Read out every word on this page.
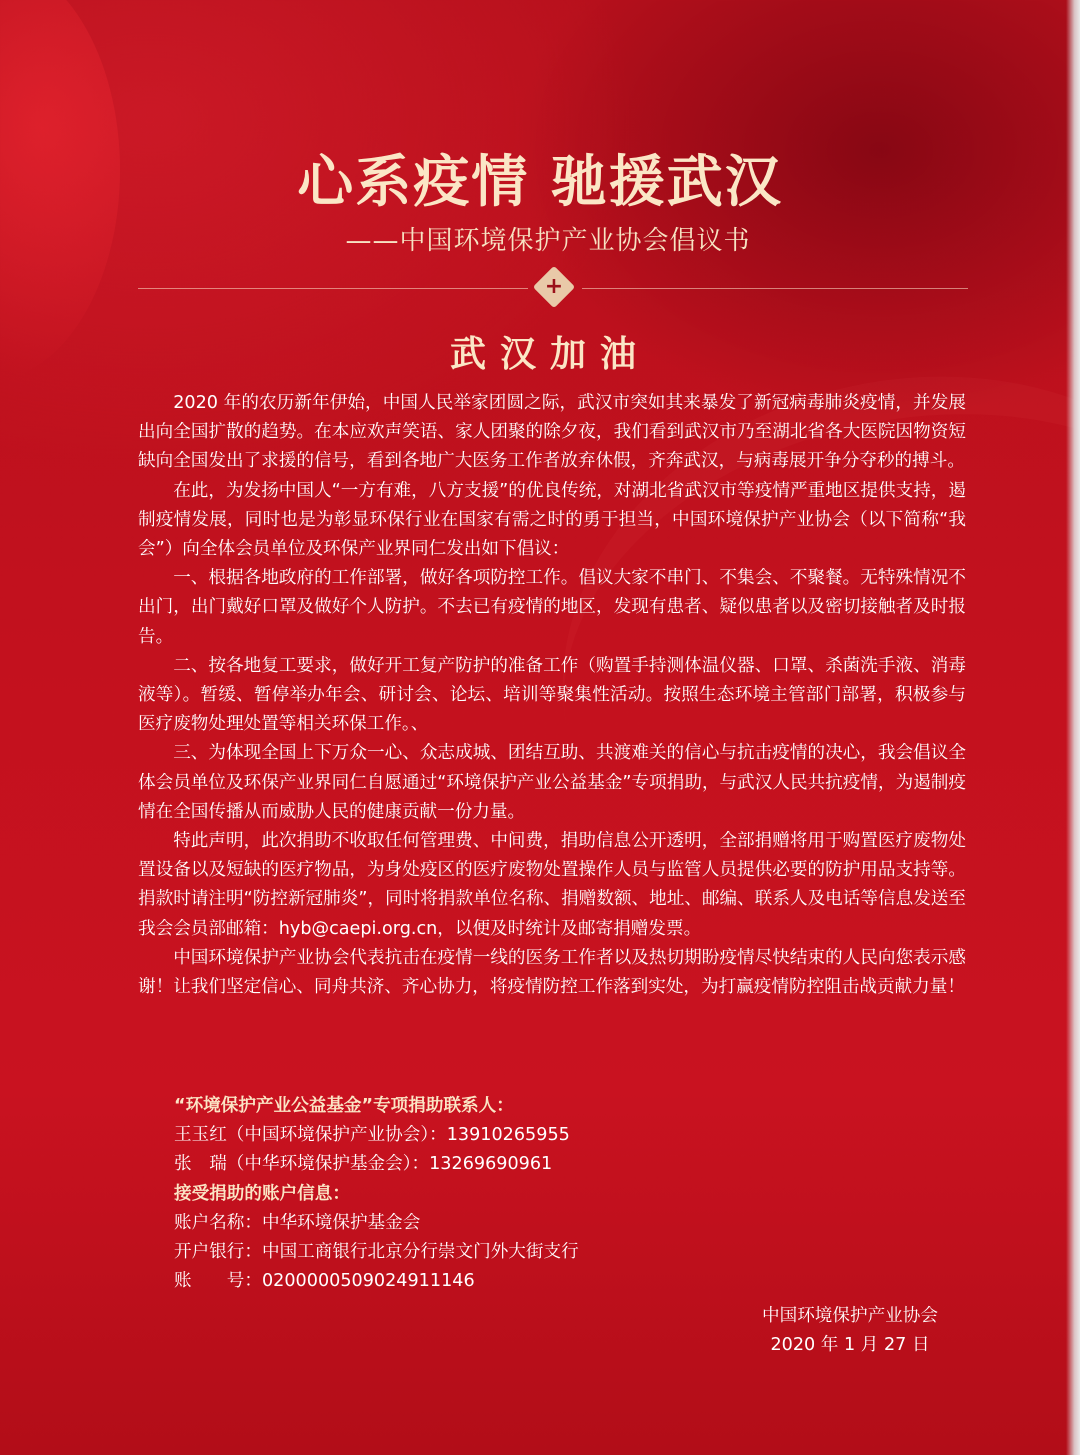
心系疫情 驰援武汉
——中国环境保护产业协会倡议书
+
武汉加油

2020 年的农历新年伊始，中国人民举家团圆之际，武汉市突如其来暴发了新冠病毒肺炎疫情，并发展出向全国扩散的趋势。在本应欢声笑语、家人团聚的除夕夜，我们看到武汉市乃至湖北省各大医院因物资短缺向全国发出了求援的信号，看到各地广大医务工作者放弃休假，齐奔武汉，与病毒展开争分夺秒的搏斗。

在此，为发扬中国人“一方有难，八方支援”的优良传统，对湖北省武汉市等疫情严重地区提供支持，遏制疫情发展，同时也是为彰显环保行业在国家有需之时的勇于担当，中国环境保护产业协会（以下简称“我会”）向全体会员单位及环保产业界同仁发出如下倡议：

一、根据各地政府的工作部署，做好各项防控工作。倡议大家不串门、不集会、不聚餐。无特殊情况不出门，出门戴好口罩及做好个人防护。不去已有疫情的地区，发现有患者、疑似患者以及密切接触者及时报告。

二、按各地复工要求，做好开工复产防护的准备工作（购置手持测体温仪器、口罩、杀菌洗手液、消毒液等）。暂缓、暂停举办年会、研讨会、论坛、培训等聚集性活动。按照生态环境主管部门部署，积极参与医疗废物处理处置等相关环保工作。、

三、为体现全国上下万众一心、众志成城、团结互助、共渡难关的信心与抗击疫情的决心，我会倡议全体会员单位及环保产业界同仁自愿通过“环境保护产业公益基金”专项捐助，与武汉人民共抗疫情，为遏制疫情在全国传播从而威胁人民的健康贡献一份力量。

特此声明，此次捐助不收取任何管理费、中间费，捐助信息公开透明，全部捐赠将用于购置医疗废物处置设备以及短缺的医疗物品，为身处疫区的医疗废物处置操作人员与监管人员提供必要的防护用品支持等。捐款时请注明“防控新冠肺炎”，同时将捐款单位名称、捐赠数额、地址、邮编、联系人及电话等信息发送至我会会员部邮箱：hyb@caepi.org.cn，以便及时统计及邮寄捐赠发票。

中国环境保护产业协会代表抗击在疫情一线的医务工作者以及热切期盼疫情尽快结束的人民向您表示感谢！让我们坚定信心、同舟共济、齐心协力，将疫情防控工作落到实处，为打赢疫情防控阻击战贡献力量！

“环境保护产业公益基金”专项捐助联系人：
王玉红（中国环境保护产业协会）：13910265955
张　瑞（中华环境保护基金会）：13269690961
接受捐助的账户信息：
账户名称：中华环境保护基金会
开户银行：中国工商银行北京分行崇文门外大街支行
账　　号：0200000509024911146
中国环境保护产业协会
2020 年 1 月 27 日
